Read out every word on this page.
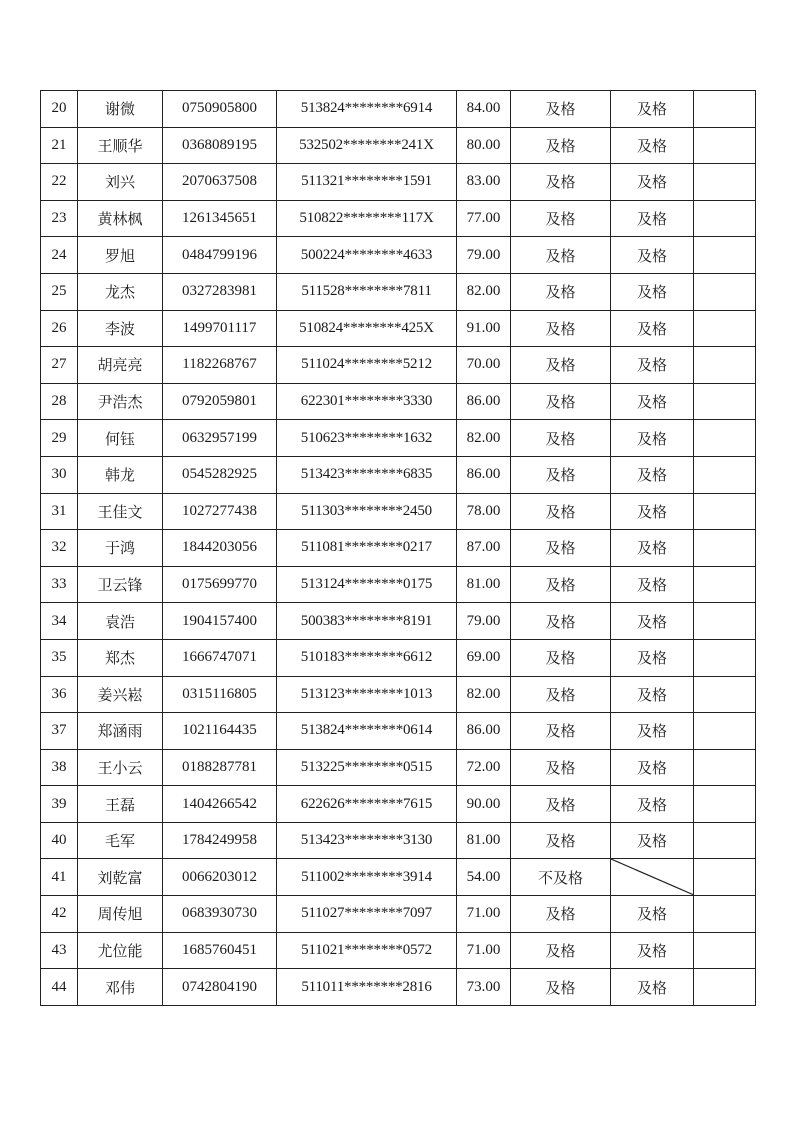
20	谢微	0750905800	513824********6914	84.00	及格	及格	
21	王顺华	0368089195	532502********241X	80.00	及格	及格	
22	刘兴	2070637508	511321********1591	83.00	及格	及格	
23	黄林枫	1261345651	510822********117X	77.00	及格	及格	
24	罗旭	0484799196	500224********4633	79.00	及格	及格	
25	龙杰	0327283981	511528********7811	82.00	及格	及格	
26	李波	1499701117	510824********425X	91.00	及格	及格	
27	胡亮亮	1182268767	511024********5212	70.00	及格	及格	
28	尹浩杰	0792059801	622301********3330	86.00	及格	及格	
29	何钰	0632957199	510623********1632	82.00	及格	及格	
30	韩龙	0545282925	513423********6835	86.00	及格	及格	
31	王佳文	1027277438	511303********2450	78.00	及格	及格	
32	于鸿	1844203056	511081********0217	87.00	及格	及格	
33	卫云锋	0175699770	513124********0175	81.00	及格	及格	
34	袁浩	1904157400	500383********8191	79.00	及格	及格	
35	郑杰	1666747071	510183********6612	69.00	及格	及格	
36	姜兴崧	0315116805	513123********1013	82.00	及格	及格	
37	郑涵雨	1021164435	513824********0614	86.00	及格	及格	
38	王小云	0188287781	513225********0515	72.00	及格	及格	
39	王磊	1404266542	622626********7615	90.00	及格	及格	
40	毛军	1784249958	513423********3130	81.00	及格	及格	
41	刘乾富	0066203012	511002********3914	54.00	不及格	

42	周传旭	0683930730	511027********7097	71.00	及格	及格	
43	尤位能	1685760451	511021********0572	71.00	及格	及格	
44	邓伟	0742804190	511011********2816	73.00	及格	及格	
